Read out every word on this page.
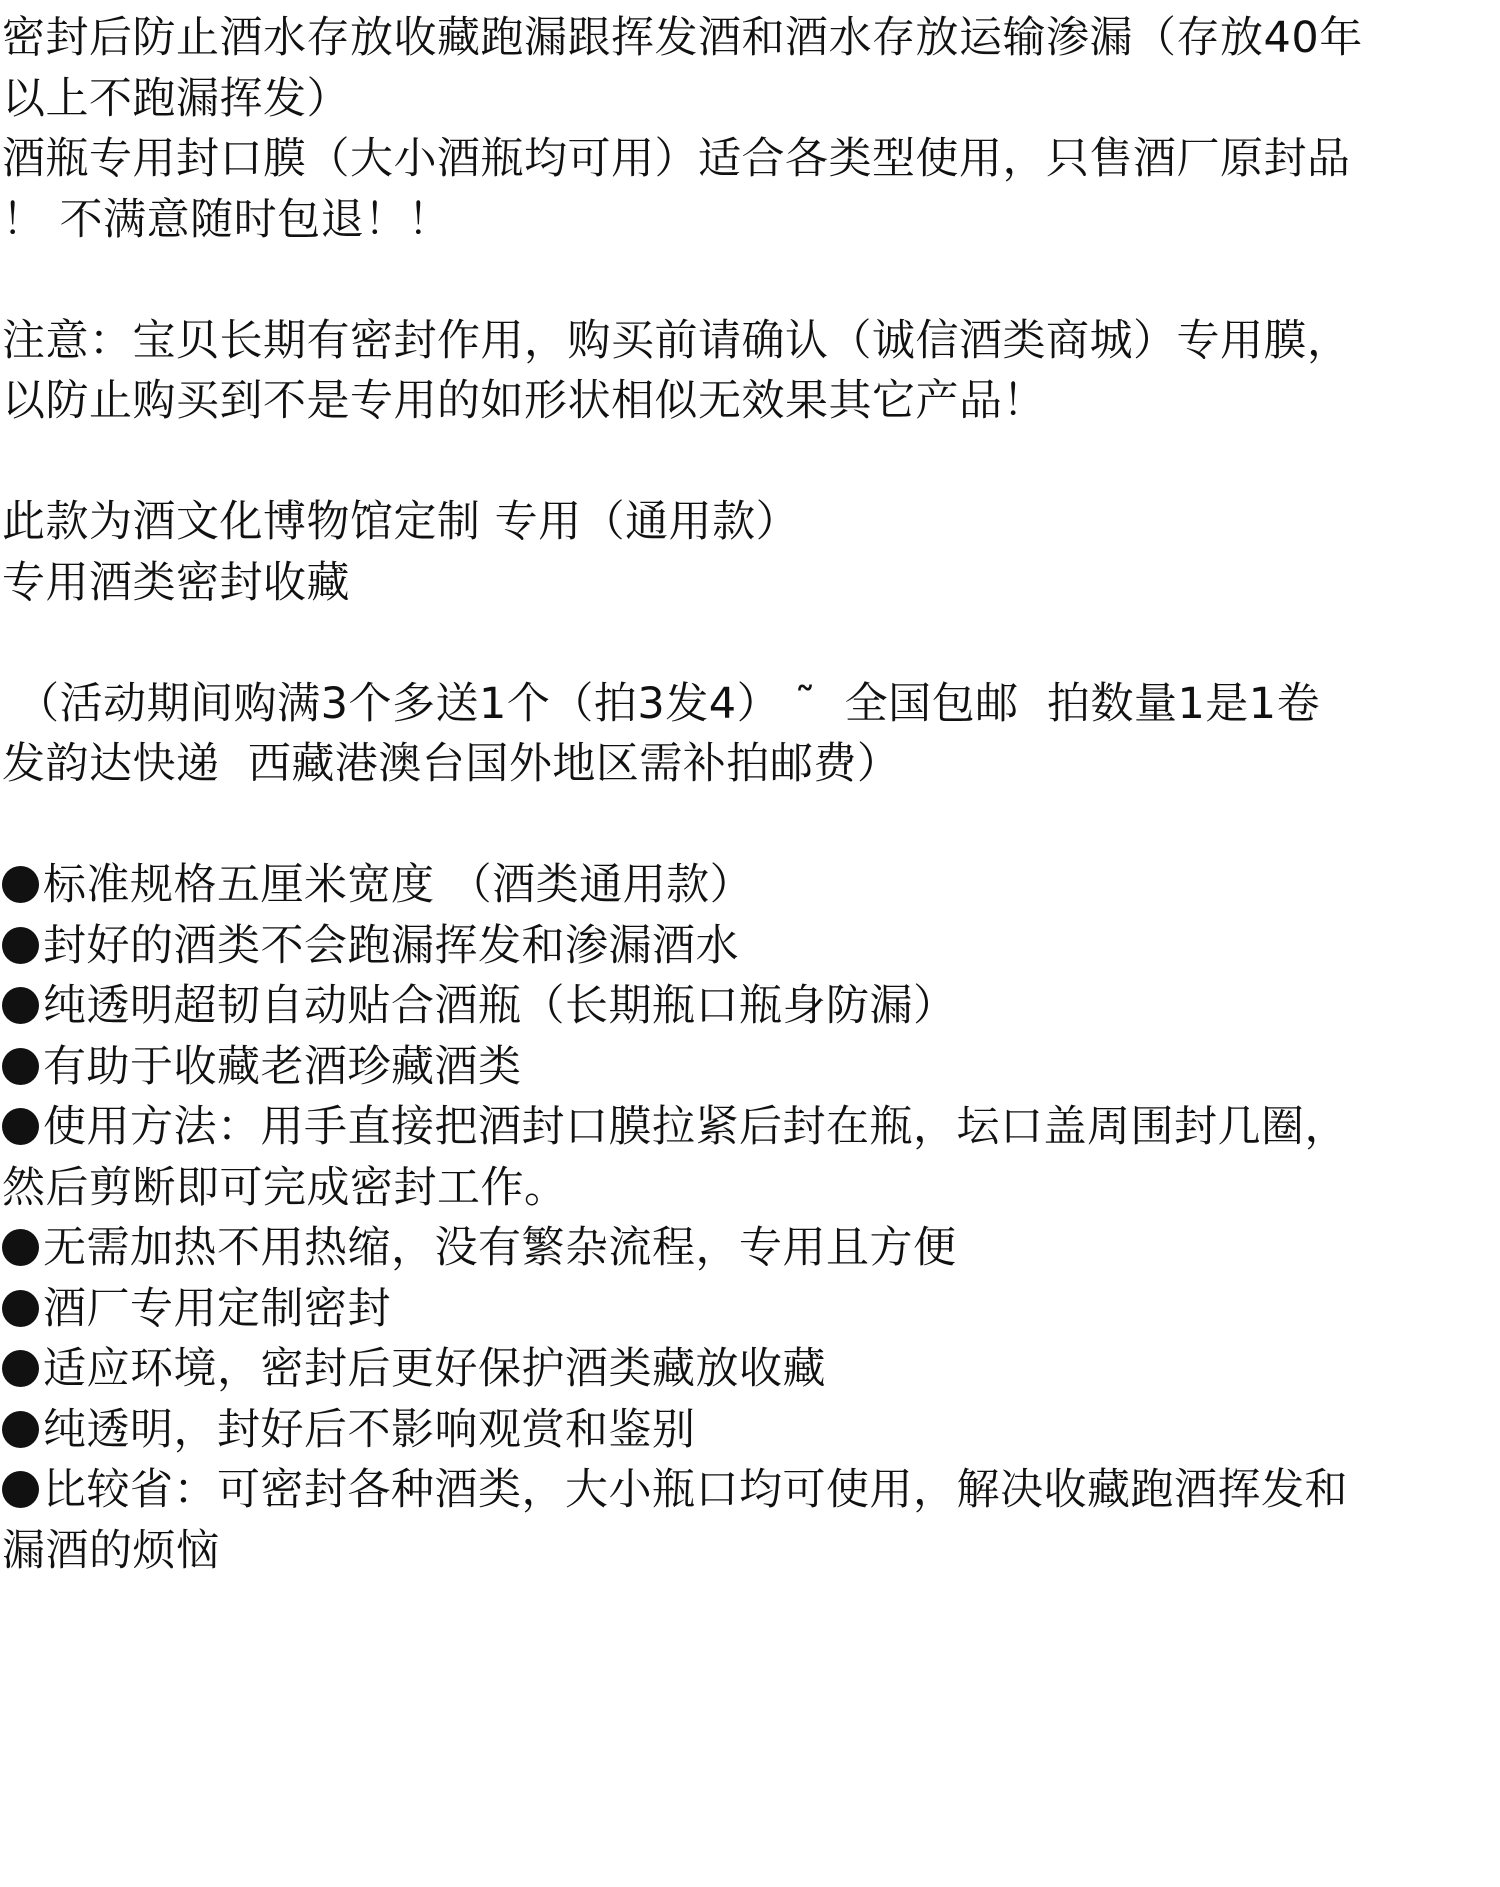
密封后防止酒水存放收藏跑漏跟挥发酒和酒水存放运输渗漏（存放40年
以上不跑漏挥发）
酒瓶专用封口膜（大小酒瓶均可用）适合各类型使用，只售酒厂原封品
！ 不满意随时包退！！
注意：宝贝长期有密封作用，购买前请确认（诚信酒类商城）专用膜，
以防止购买到不是专用的如形状相似无效果其它产品！
此款为酒文化博物馆定制 专用（通用款）
专用酒类密封收藏
（活动期间购满3个多送1个（拍3发4） ˜  全国包邮  拍数量1是1卷
发韵达快递  西藏港澳台国外地区需补拍邮费）
标准规格五厘米宽度 （酒类通用款）
封好的酒类不会跑漏挥发和渗漏酒水
纯透明超韧自动贴合酒瓶（长期瓶口瓶身防漏）
有助于收藏老酒珍藏酒类
使用方法：用手直接把酒封口膜拉紧后封在瓶，坛口盖周围封几圈，
然后剪断即可完成密封工作。
无需加热不用热缩，没有繁杂流程，专用且方便
酒厂专用定制密封
适应环境，密封后更好保护酒类藏放收藏
纯透明，封好后不影响观赏和鉴别
比较省：可密封各种酒类，大小瓶口均可使用，解决收藏跑酒挥发和
漏酒的烦恼
